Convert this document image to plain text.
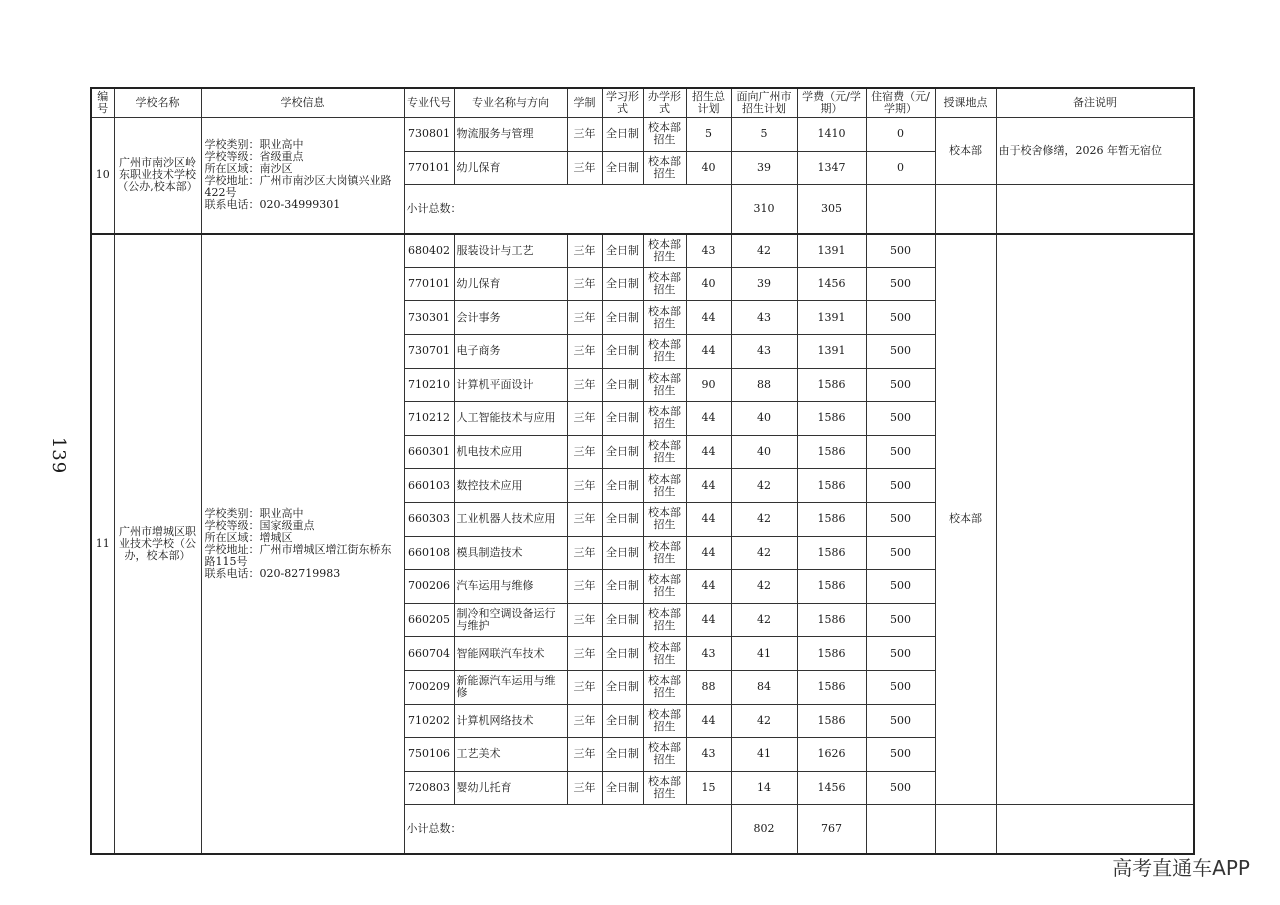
139
编号	学校名称	学校信息	专业代号	专业名称与方向	学制	学习形式	办学形式	招生总计划	面向广州市招生计划	学费（元/学期）	住宿费（元/学期）	授课地点	备注说明	
10	广州市南沙区岭东职业技术学校（公办,校本部）	学校类别：职业高中
学校等级：省级重点
所在区域：南沙区
学校地址：广州市南沙区大岗镇兴业路422号
联系电话：020-34999301	730801	物流服务与管理	三年	全日制	校本部招生	5	5	1410	0	校本部	由于校舍修缮，2026 年暂无宿位	
			770101	幼儿保育	三年	全日制	校本部招生	40	39	1347	0			
			小计总数：						310	305				
11	广州市增城区职业技术学校（公办，校本部）	学校类别：职业高中
学校等级：国家级重点
所在区域：增城区
学校地址：广州市增城区增江街东桥东路115号
联系电话：020-82719983	680402	服装设计与工艺	三年	全日制	校本部招生	43	42	1391	500	校本部		
			770101	幼儿保育	三年	全日制	校本部招生	40	39	1456	500			
			730301	会计事务	三年	全日制	校本部招生	44	43	1391	500			
			730701	电子商务	三年	全日制	校本部招生	44	43	1391	500			
			710210	计算机平面设计	三年	全日制	校本部招生	90	88	1586	500			
			710212	人工智能技术与应用	三年	全日制	校本部招生	44	40	1586	500			
			660301	机电技术应用	三年	全日制	校本部招生	44	40	1586	500			
			660103	数控技术应用	三年	全日制	校本部招生	44	42	1586	500			
			660303	工业机器人技术应用	三年	全日制	校本部招生	44	42	1586	500			
			660108	模具制造技术	三年	全日制	校本部招生	44	42	1586	500			
			700206	汽车运用与维修	三年	全日制	校本部招生	44	42	1586	500			
			660205	制冷和空调设备运行与维护	三年	全日制	校本部招生	44	42	1586	500			
			660704	智能网联汽车技术	三年	全日制	校本部招生	43	41	1586	500			
			700209	新能源汽车运用与维修	三年	全日制	校本部招生	88	84	1586	500			
			710202	计算机网络技术	三年	全日制	校本部招生	44	42	1586	500			
			750106	工艺美术	三年	全日制	校本部招生	43	41	1626	500			
			720803	婴幼儿托育	三年	全日制	校本部招生	15	14	1456	500			
			小计总数：						802	767				
高考直通车APP
